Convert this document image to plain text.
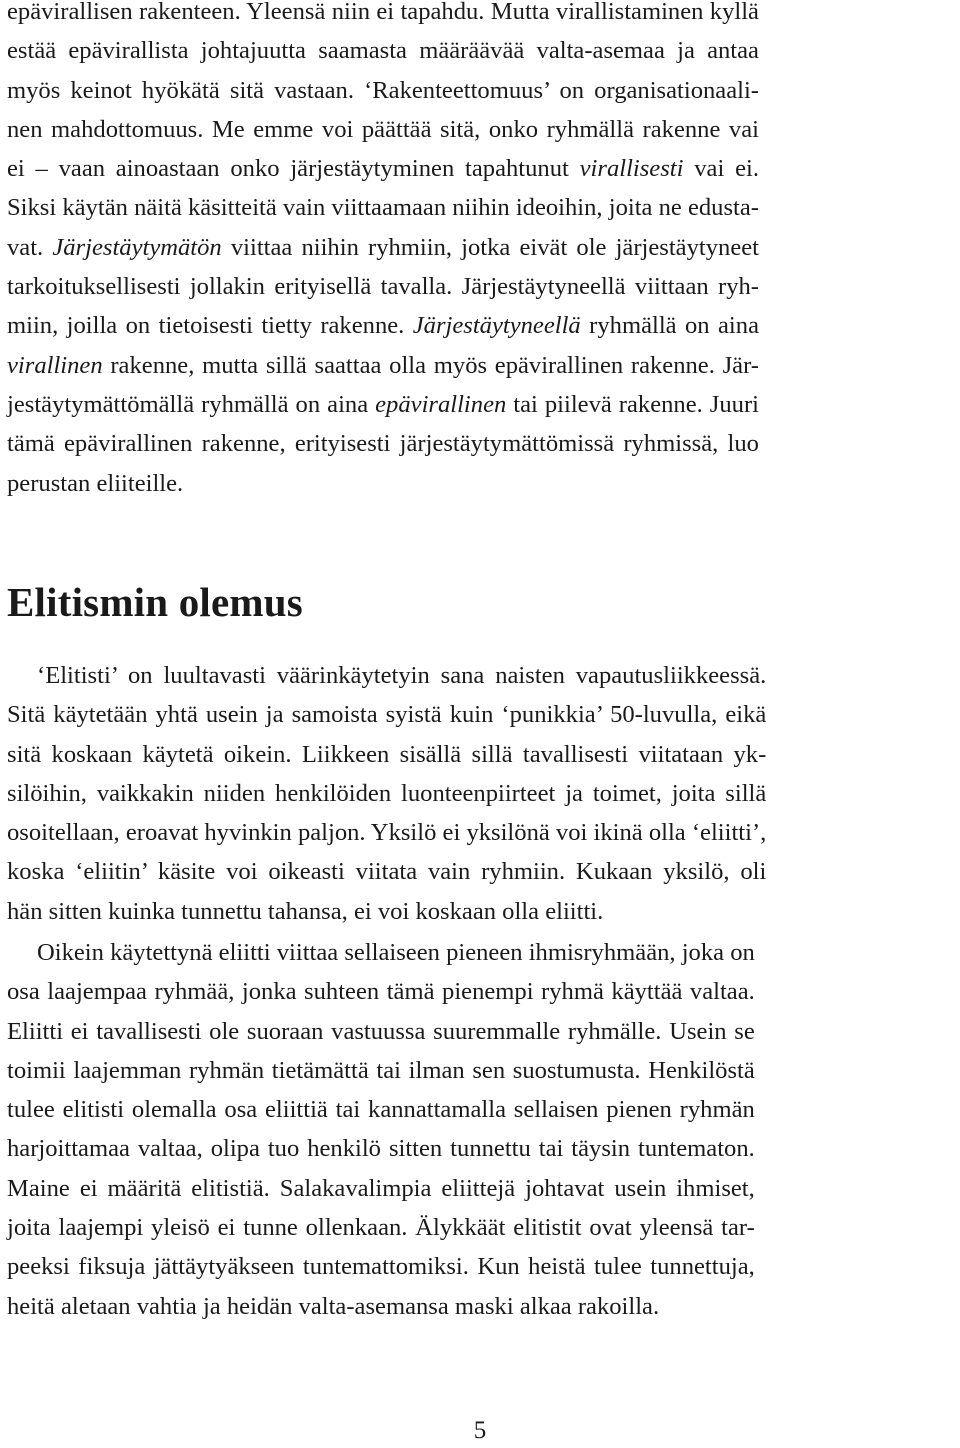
epävirallisen rakenteen. Yleensä niin ei tapahdu. Mutta virallistaminen kyllä
estää epävirallista johtajuutta saamasta määräävää valta-asemaa ja antaa
myös keinot hyökätä sitä vastaan. ‘Rakenteettomuus’ on organisationaali-
nen mahdottomuus. Me emme voi päättää sitä, onko ryhmällä rakenne vai
ei – vaan ainoastaan onko järjestäytyminen tapahtunut virallisesti vai ei.
Siksi käytän näitä käsitteitä vain viittaamaan niihin ideoihin, joita ne edusta-
vat. Järjestäytymätön viittaa niihin ryhmiin, jotka eivät ole järjestäytyneet
tarkoituksellisesti jollakin erityisellä tavalla. Järjestäytyneellä viittaan ryh-
miin, joilla on tietoisesti tietty rakenne. Järjestäytyneellä ryhmällä on aina
virallinen rakenne, mutta sillä saattaa olla myös epävirallinen rakenne. Jär-
jestäytymättömällä ryhmällä on aina epävirallinen tai piilevä rakenne. Juuri
tämä epävirallinen rakenne, erityisesti järjestäytymättömissä ryhmissä, luo
perustan eliiteille.
Elitismin olemus
‘Elitisti’ on luultavasti väärinkäytetyin sana naisten vapautusliikkeessä.
Sitä käytetään yhtä usein ja samoista syistä kuin ‘punikkia’ 50-luvulla, eikä
sitä koskaan käytetä oikein. Liikkeen sisällä sillä tavallisesti viitataan yk-
silöihin, vaikkakin niiden henkilöiden luonteenpiirteet ja toimet, joita sillä
osoitellaan, eroavat hyvinkin paljon. Yksilö ei yksilönä voi ikinä olla ‘eliitti’,
koska ‘eliitin’ käsite voi oikeasti viitata vain ryhmiin. Kukaan yksilö, oli
hän sitten kuinka tunnettu tahansa, ei voi koskaan olla eliitti.
Oikein käytettynä eliitti viittaa sellaiseen pieneen ihmisryhmään, joka on
osa laajempaa ryhmää, jonka suhteen tämä pienempi ryhmä käyttää valtaa.
Eliitti ei tavallisesti ole suoraan vastuussa suuremmalle ryhmälle. Usein se
toimii laajemman ryhmän tietämättä tai ilman sen suostumusta. Henkilöstä
tulee elitisti olemalla osa eliittiä tai kannattamalla sellaisen pienen ryhmän
harjoittamaa valtaa, olipa tuo henkilö sitten tunnettu tai täysin tuntematon.
Maine ei määritä elitistiä. Salakavalimpia eliittejä johtavat usein ihmiset,
joita laajempi yleisö ei tunne ollenkaan. Älykkäät elitistit ovat yleensä tar-
peeksi fiksuja jättäytyäkseen tuntemattomiksi. Kun heistä tulee tunnettuja,
heitä aletaan vahtia ja heidän valta-asemansa maski alkaa rakoilla.
5
